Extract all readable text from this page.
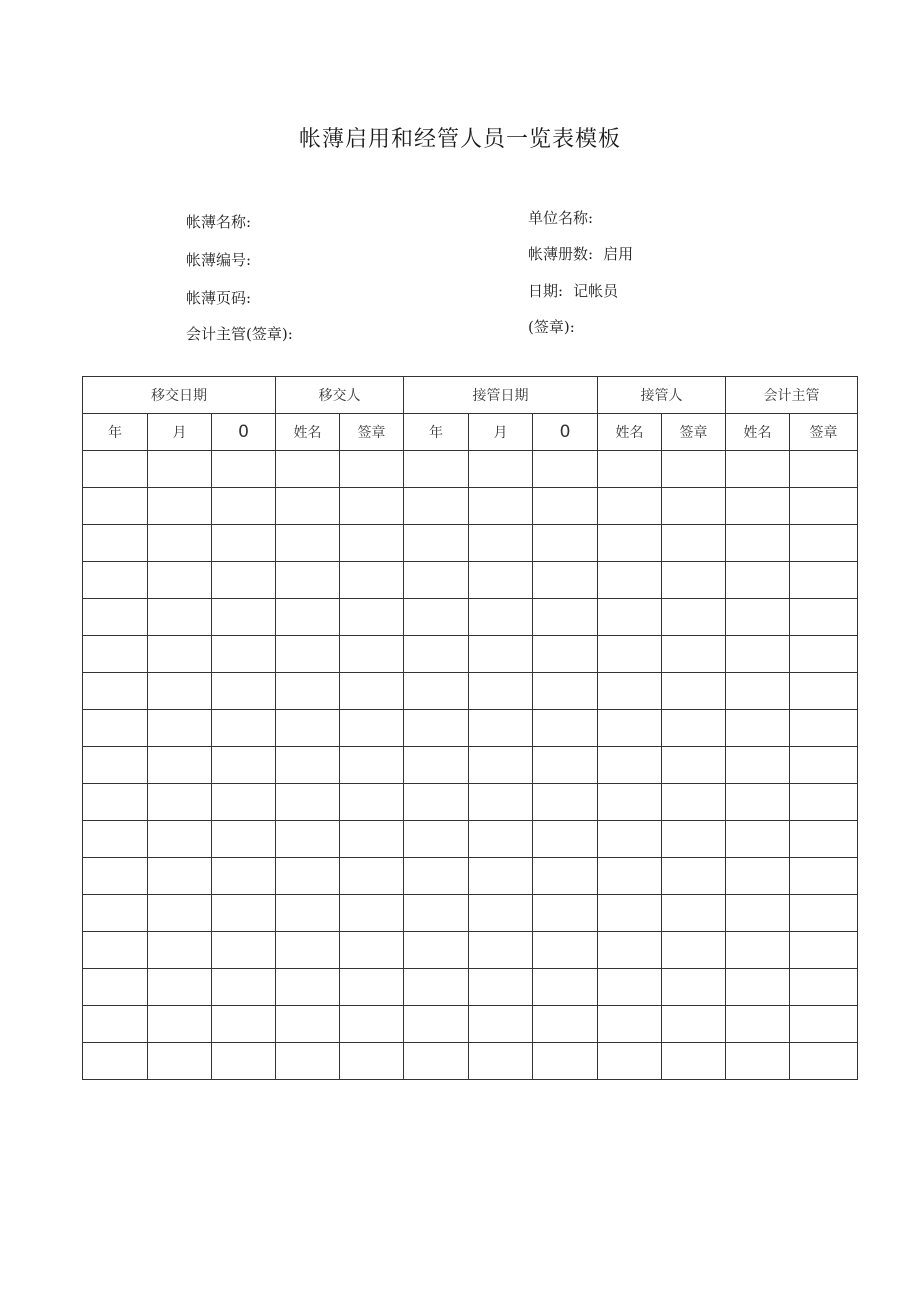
帐薄启用和经管人员一览表模板
帐薄名称:
帐薄编号:
帐薄页码:
会计主管(签章):
单位名称:
帐薄册数: 启用
日期: 记帐员
(签章):
移交日期			移交人		接管日期			接管人		会计主管	
年	月	0	姓名	签章	年	月	0	姓名	签章	姓名	签章
